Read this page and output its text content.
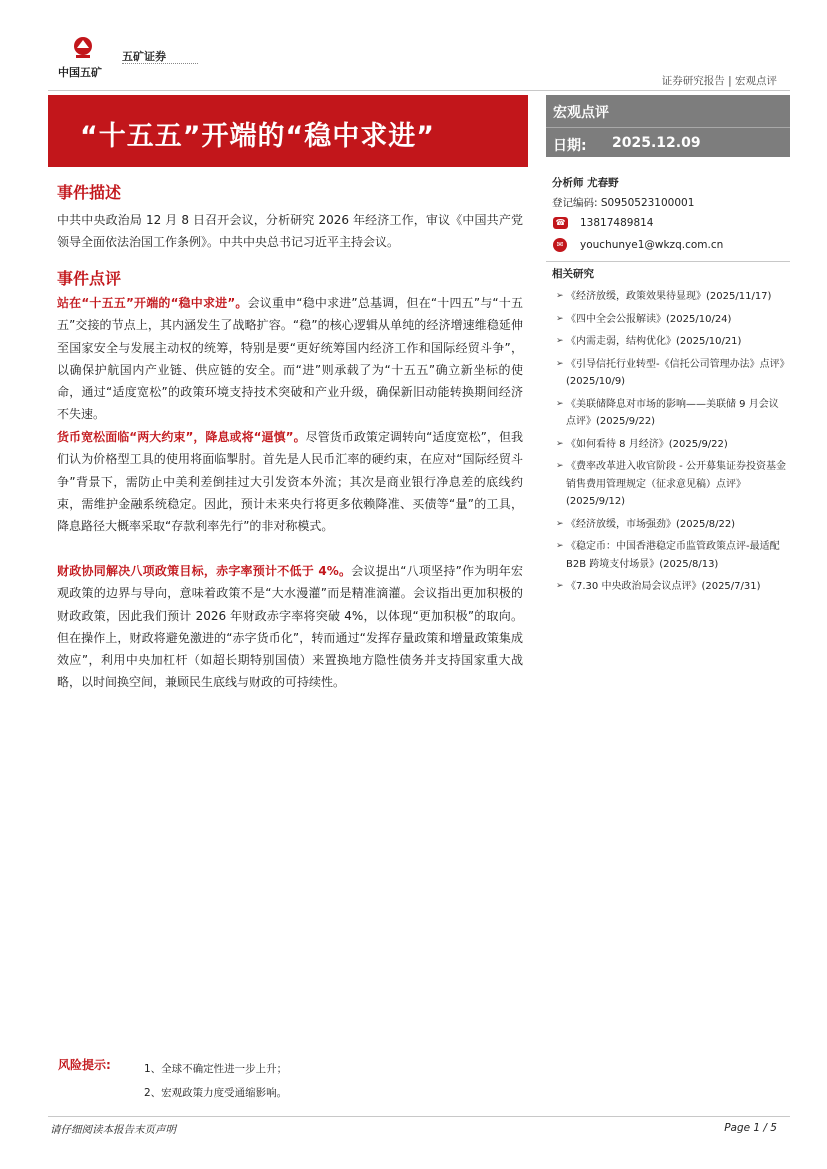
中国五矿
五矿证券
证券研究报告 | 宏观点评
“十五五”开端的“稳中求进”
宏观点评
日期: 2025.12.09
分析师 尤春野
登记编码: S0950523100001
☎ 13817489814
✉	youchunye1@wkzq.com.cn
相关研究
➢ 《经济放缓，政策效果待显现》(2025/11/17)
➢ 《四中全会公报解读》(2025/10/24)
➢ 《内需走弱，结构优化》(2025/10/21)
➢ 《引导信托行业转型-《信托公司管理办法》点评》(2025/10/9)
➢ 《美联储降息对市场的影响——美联储 9 月会议点评》(2025/9/22)
➢ 《如何看待 8 月经济》(2025/9/22)
➢ 《费率改革进入收官阶段 - 公开募集证券投资基金销售费用管理规定（征求意见稿）点评》(2025/9/12)
➢ 《经济放缓，市场强劲》(2025/8/22)
➢ 《稳定币：中国香港稳定币监管政策点评-最适配 B2B 跨境支付场景》(2025/8/13)
➢ 《7.30 中央政治局会议点评》(2025/7/31)
事件描述

中共中央政治局 12 月 8 日召开会议，分析研究 2026 年经济工作，审议《中国共产党领导全面依法治国工作条例》。中共中央总书记习近平主持会议。

事件点评

站在“十五五”开端的“稳中求进”。会议重申“稳中求进”总基调，但在“十四五”与“十五五”交接的节点上，其内涵发生了战略扩容。“稳”的核心逻辑从单纯的经济增速维稳延伸至国家安全与发展主动权的统筹，特别是要“更好统筹国内经济工作和国际经贸斗争”，以确保护航国内产业链、供应链的安全。而“进”则承载了为“十五五”确立新坐标的使命，通过“适度宽松”的政策环境支持技术突破和产业升级，确保新旧动能转换期间经济不失速。

货币宽松面临“两大约束”，降息或将“逼慎”。尽管货币政策定调转向“适度宽松”，但我们认为价格型工具的使用将面临掣肘。首先是人民币汇率的硬约束，在应对“国际经贸斗争”背景下，需防止中美利差倒挂过大引发资本外流；其次是商业银行净息差的底线约束，需维护金融系统稳定。因此，预计未来央行将更多依赖降准、买债等“量”的工具，降息路径大概率采取“存款利率先行”的非对称模式。

财政协同解决八项政策目标，赤字率预计不低于 4%。会议提出“八项坚持”作为明年宏观政策的边界与导向，意味着政策不是“大水漫灌”而是精准滴灌。会议指出更加积极的财政政策，因此我们预计 2026 年财政赤字率将突破 4%，以体现“更加积极”的取向。但在操作上，财政将避免激进的“赤字货币化”，转而通过“发挥存量政策和增量政策集成效应”，利用中央加杠杆（如超长期特别国债）来置换地方隐性债务并支持国家重大战略，以时间换空间，兼顾民生底线与财政的可持续性。

风险提示:	1、全球不确定性进一步上升；
2、宏观政策力度受通缩影响。
请仔细阅读本报告末页声明	Page 1 / 5
